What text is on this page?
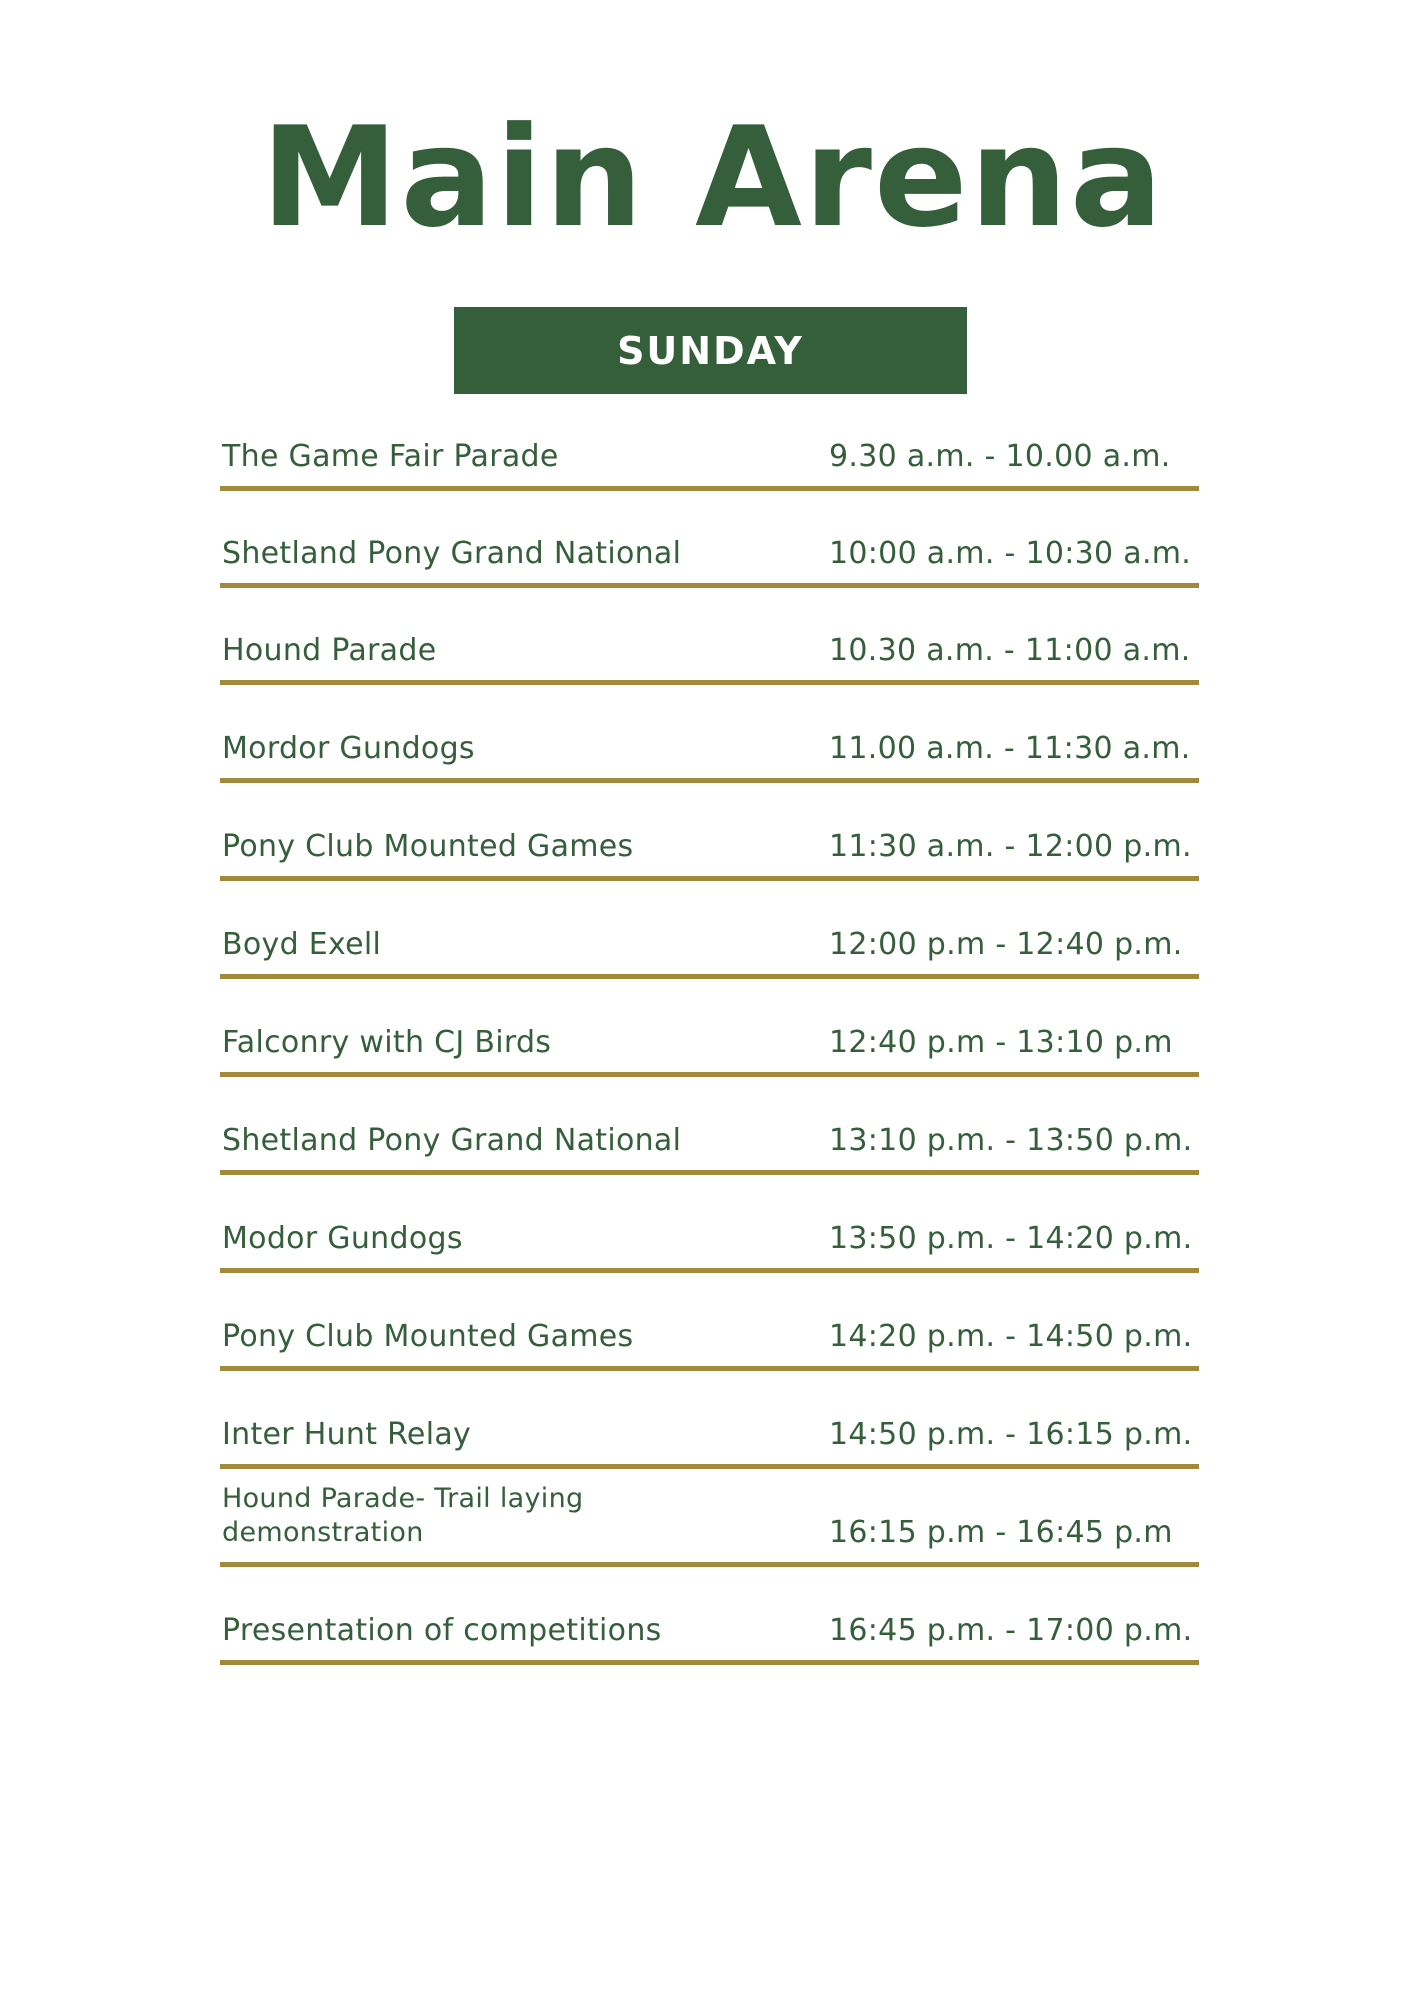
Main Arena
SUNDAY
The Game Fair Parade	9.30 a.m. - 10.00 a.m.
Shetland Pony Grand National	10:00 a.m. - 10:30 a.m.
Hound Parade	10.30 a.m. - 11:00 a.m.
Mordor Gundogs	11.00 a.m. - 11:30 a.m.
Pony Club Mounted Games	11:30 a.m. - 12:00 p.m.
Boyd Exell	12:00 p.m - 12:40 p.m.
Falconry with CJ Birds	12:40 p.m - 13:10 p.m
Shetland Pony Grand National	13:10 p.m. - 13:50 p.m.
Modor Gundogs	13:50 p.m. - 14:20 p.m.
Pony Club Mounted Games	14:20 p.m. - 14:50 p.m.
Inter Hunt Relay	14:50 p.m. - 16:15 p.m.
Hound Parade- Trail laying demonstration	16:15 p.m - 16:45 p.m
Presentation of competitions	16:45 p.m. - 17:00 p.m.
